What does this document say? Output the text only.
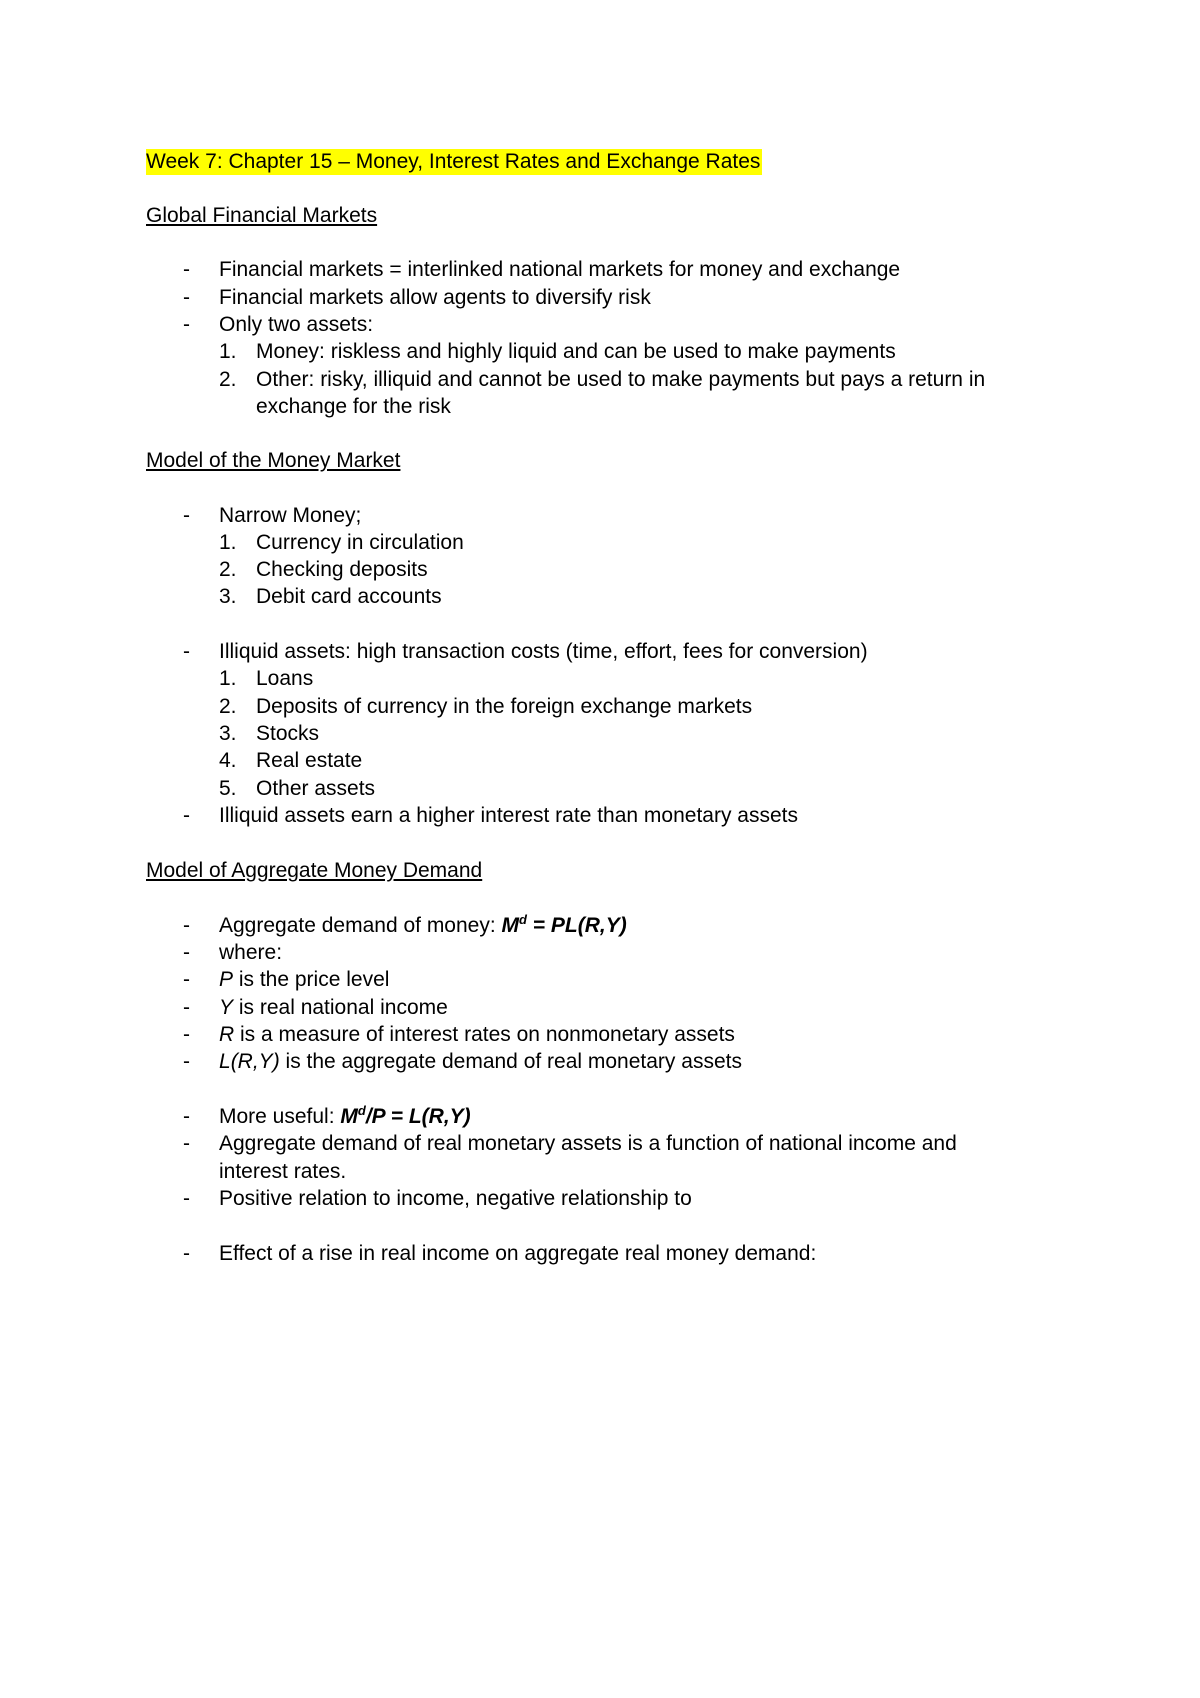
Week 7: Chapter 15 – Money, Interest Rates and Exchange Rates
Global Financial Markets
- Financial markets = interlinked national markets for money and exchange
- Financial markets allow agents to diversify risk
- Only two assets:
1. Money: riskless and highly liquid and can be used to make payments
2. Other: risky, illiquid and cannot be used to make payments but pays a return in
exchange for the risk
Model of the Money Market
- Narrow Money;
1. Currency in circulation
2. Checking deposits
3. Debit card accounts
- Illiquid assets: high transaction costs (time, effort, fees for conversion)
1. Loans
2. Deposits of currency in the foreign exchange markets
3. Stocks
4. Real estate
5. Other assets
- Illiquid assets earn a higher interest rate than monetary assets
Model of Aggregate Money Demand
- Aggregate demand of money: $M^d = PL(R,Y)$
- where:
- P is the price level
- Y is real national income
- R is a measure of interest rates on nonmonetary assets
- L(R,Y) is the aggregate demand of real monetary assets
- More useful: $M^d/P = L(R,Y)$
- Aggregate demand of real monetary assets is a function of national income and
interest rates.
- Positive relation to income, negative relationship to
- Effect of a rise in real income on aggregate real money demand:
